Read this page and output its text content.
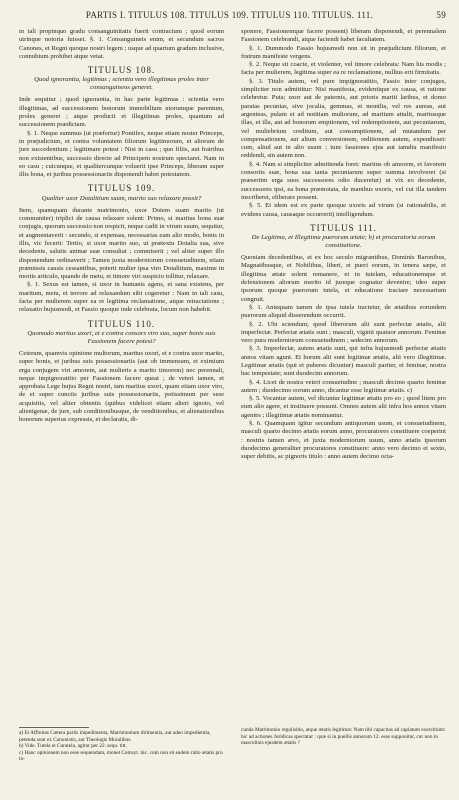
PARTIS I. TITULUS 108. TITULUS 109. TITULUS 110. TITULUS. 111.	59

in tali propinquo gradu consanguinitatis fuerit contractum ; quod eorum utrinque notoria fuisset. §. 1. Consanguineis enim, et secundum sacros Canones, et Regni quoque nostri legem ; usque ad quartum gradum inclusive, connubium prohibet atque vetat.

TITULUS 108.
Quod ignorantia, legitimas ; scientia vero illegitimas proles inter consanguineos generet.

Inde sequitur ; quod ignorantia, in hac parte legitimas : scientia vero illegitimas, ad successionem bonorum immobilium utorumque parentum, proles generet ; atque producit et illegitimas proles, quantum ad successionem prædictam.

§. 1. Neque summus (ut præfertur) Pontifex, neque etiam noster Princeps, in præjudicium, et contra voluntatem filiorum legitimorum, et aliorum de jure succedentium ; legitimare potest : Nisi in casu ; quo filiis, aut fratribus non existentibus, successio directe ad Principem nostrum spectaret. Nam in eo casu ; cuicunque, et qualitercunque voluerit ipse Princeps, liberam super illis bona, et juribus possessionariis disponendi habet potestatem.

TITULUS 109.
Qualiter uxor Dotalitium suum, marito suo relaxare possit?

Item, quamquam durante matrimonio, uxor Dotem suam marito (ut communiter) triplici de causa relaxare solent: Primo, si maritus bona suæ conjugis, quorum successio non respicit, neque cadit in virum suum, sequitur, et augmentaverit : secundo, si expensas, necessarias eam alio modo, bonis in illis, vic fecerit: Tertio, si uxor marito suo, ut prætextu Dotalia sua, sive decedente, salutis animæ suæ consultat ; commiserit ; vel aliter super illo disponendum ordinaverit ; Tamen juxta moderniorum consuetudinem, etiam præmissis causis cessantibus, poterit mulier ipsa viro Dotalitium, maxime in mortis articulo, quando de metu, et timore viri suspicio tollitur, relaxare.

§. 1. Sexus est tamen, si uxor in humanis agens, et sana existens, per maritum, metu, et terrore ad relaxandum sibi cogeretur : Nam in tali casu, facta per mulierem super ea re legitima reclamatione, atque retractatione ; relaxatio hujusmodi, et Fassio quoque inde celebrata, locum non habebit.

TITULUS 110.
Quomodo maritus uxori, et e contra consors viro suo, super bonis suis Fassionem facere potest?

Ceterum, quamvis opinione multorum, maritus uxori, et e contra uxor marito, super bonis, et juribus suis possessionariis (aut ob immensum, et eximium erga conjugem viri amorem, aut mulieris a marito timorem) nec perennali, neque impignoratitio per Fassionem facere queat ; de veteri tamen, et approbata Lege hujus Regni nostri, tam maritus uxori, quam etiam uxor viro, de et super cunctis juribus suis possessionariis, potissimum per sese acquisitis, vel aliter obtentis (quibus videlicet etiam alteri ignoto, vel alienigenæ, de jure, sub conditionibusque, de venditionibus, et alienationibus bonorum superius expressis, et declaratis, di-

a) Et Affinitas Cætera pariis impedimenta, Matrimonium dirimentia, aut adeo impedientia, petenda sunt ex Canonistis, aut Theologis Moralibus.

b) Vide. Tutela et Curatela, agitur per 22. sequ. titt.

c) Hanc opinionem non esse sequendam, monet Comsyt. hic. cum non sit eadem ratio ætatis pro in-

sponere, Fassionemque facere possent) liberam disponendi, et perennalem Fassionem celebrandi, atque faciendi habet facultatem.

§. 1. Dummodo Fassio hujusmodi non sit in præjudicium filiorum, et fratrum manifeste vergens.

§. 2. Neque sit coacte, et violenter, vel timore celebrata: Nam his modis ; facta per mulierem, legitima super ea re reclamatione, nullius erit firmitatis.

§. 3. Titulo autem, vel pure impignoratitio, Fassio inter conjuges, simpliciter non admittitur: Nisi manifesta, evidentique ex causa, et ratione celebretur. Puta; uxor aut de paternis, aut prioris mariti laribus, et domo paratas pecunias, sive jocalia, gemmas, et monilia, vel res aureas, aut argenteas, pulam et ad notitiam multorum, ad maritum attulit, maritusque illas, et illa, aut ad bonorum emptionem, vel redemptionem, aut pecuniarum, vel muliebrium creditum, aut consumptionem, ad mutandum per compensationem, aut alium conversionem, reditionem autem, expendisset: cum, aliud aut in alio usum ; tunc fassiones ejus aut iamdiu manifesto reddendi, sin autem non.

§. 4. Nam si simpliciter admittenda foret: maritus ob amorem, et favorem consortis suæ, bona sua tanta pecuniarum super summa involveret (si præsertim erga suos successores odio duceretur) ut vix eo decedente, successores ipsi, ea bona præmotata, de manibus uxoris, vel cui illa tandem inscriberet, eliberare possent.

§. 5. Et idem est ex parte quoque uxoris ad virum (si rationabilis, et evidens causa, causaque occurrerit) intelligendum.

TITULUS 111.
De Legitima, et Illegitima puerorum ætate; b) et procuratoria eorum constitutione.

Quoniam decedentibus, et ex hoc seculo migrantibus, Dominis Baronibus, Magnatibusque, et Nobilibus, liberi, et pueri eorum, in tenera sæpe, et illegitima ætate solent remanere, et in tutelam, educationemque et defensionem aliorum merito id jureque cognatur devenire; ideo super ipsorum quoque puerorum tutela, et educatione tractare necessarium congruit.

§. 1. Antequam tamen de ipsa tutela tractetur, de ætatibus eorundem puerorum aliquid disserendum occurrit.

§. 2. Ubi sciendum; quod liberorum alii sunt perfectæ ætatis, alii imperfectæ. Perfectæ ætatis sunt ; masculi, viginti quatuor annorum. Feminæ vero pura moderniorum consuetudinem ; sedecim annorum.

§. 3. Imperfectæ, autem ætatis sunt, qui infra hujusmodi perfectæ ætatis annos vitam agunt. Et horum alii sunt legitimæ ætatis, alii vero illegitimæ. Legitimæ ætatis (qui et puberes dicuntur) masculi pariter, et feminæ, nostra hac tempestate; sunt duodecim annorum.

§. 4. Licet de nostra veteri consuetudine ; masculi decimo quarto feminæ autem ; duodecimo eorum anno, dicantur esse legitimæ ætatis. c)

§. 5. Vocantur autem, vel dicuntur legitimæ ætatis pro eo ; quod litem pro eum alio agere, et instituere possunt. Omnes autem alii infra hos annos vitam agentes ; illegitimæ ætatis nominantur.

§. 6. Quamquam igitur secundum antiquorum usum, et consuetudinem, masculi quarto decimo ætatis eorum anno, procuratores constituere coeperint : nostris tamen ævo, et juxta moderniorum usum, anno ætatis ipsorum duodecimo generaliter procuratores constituere: anno vero decimo et sexto, super debitis, ac pignoris titulo : anno autem decimo octa-

cunda Matrimonio regulisitio, atque ætatis legitimæ: Nam tibi capacitas ad capiatum exercitium: hic ad actiones Juridicas spectatur : quæ si in puellis annorum 12. esse supponitur, cur non in masculinis ejusdem ætatis ?
